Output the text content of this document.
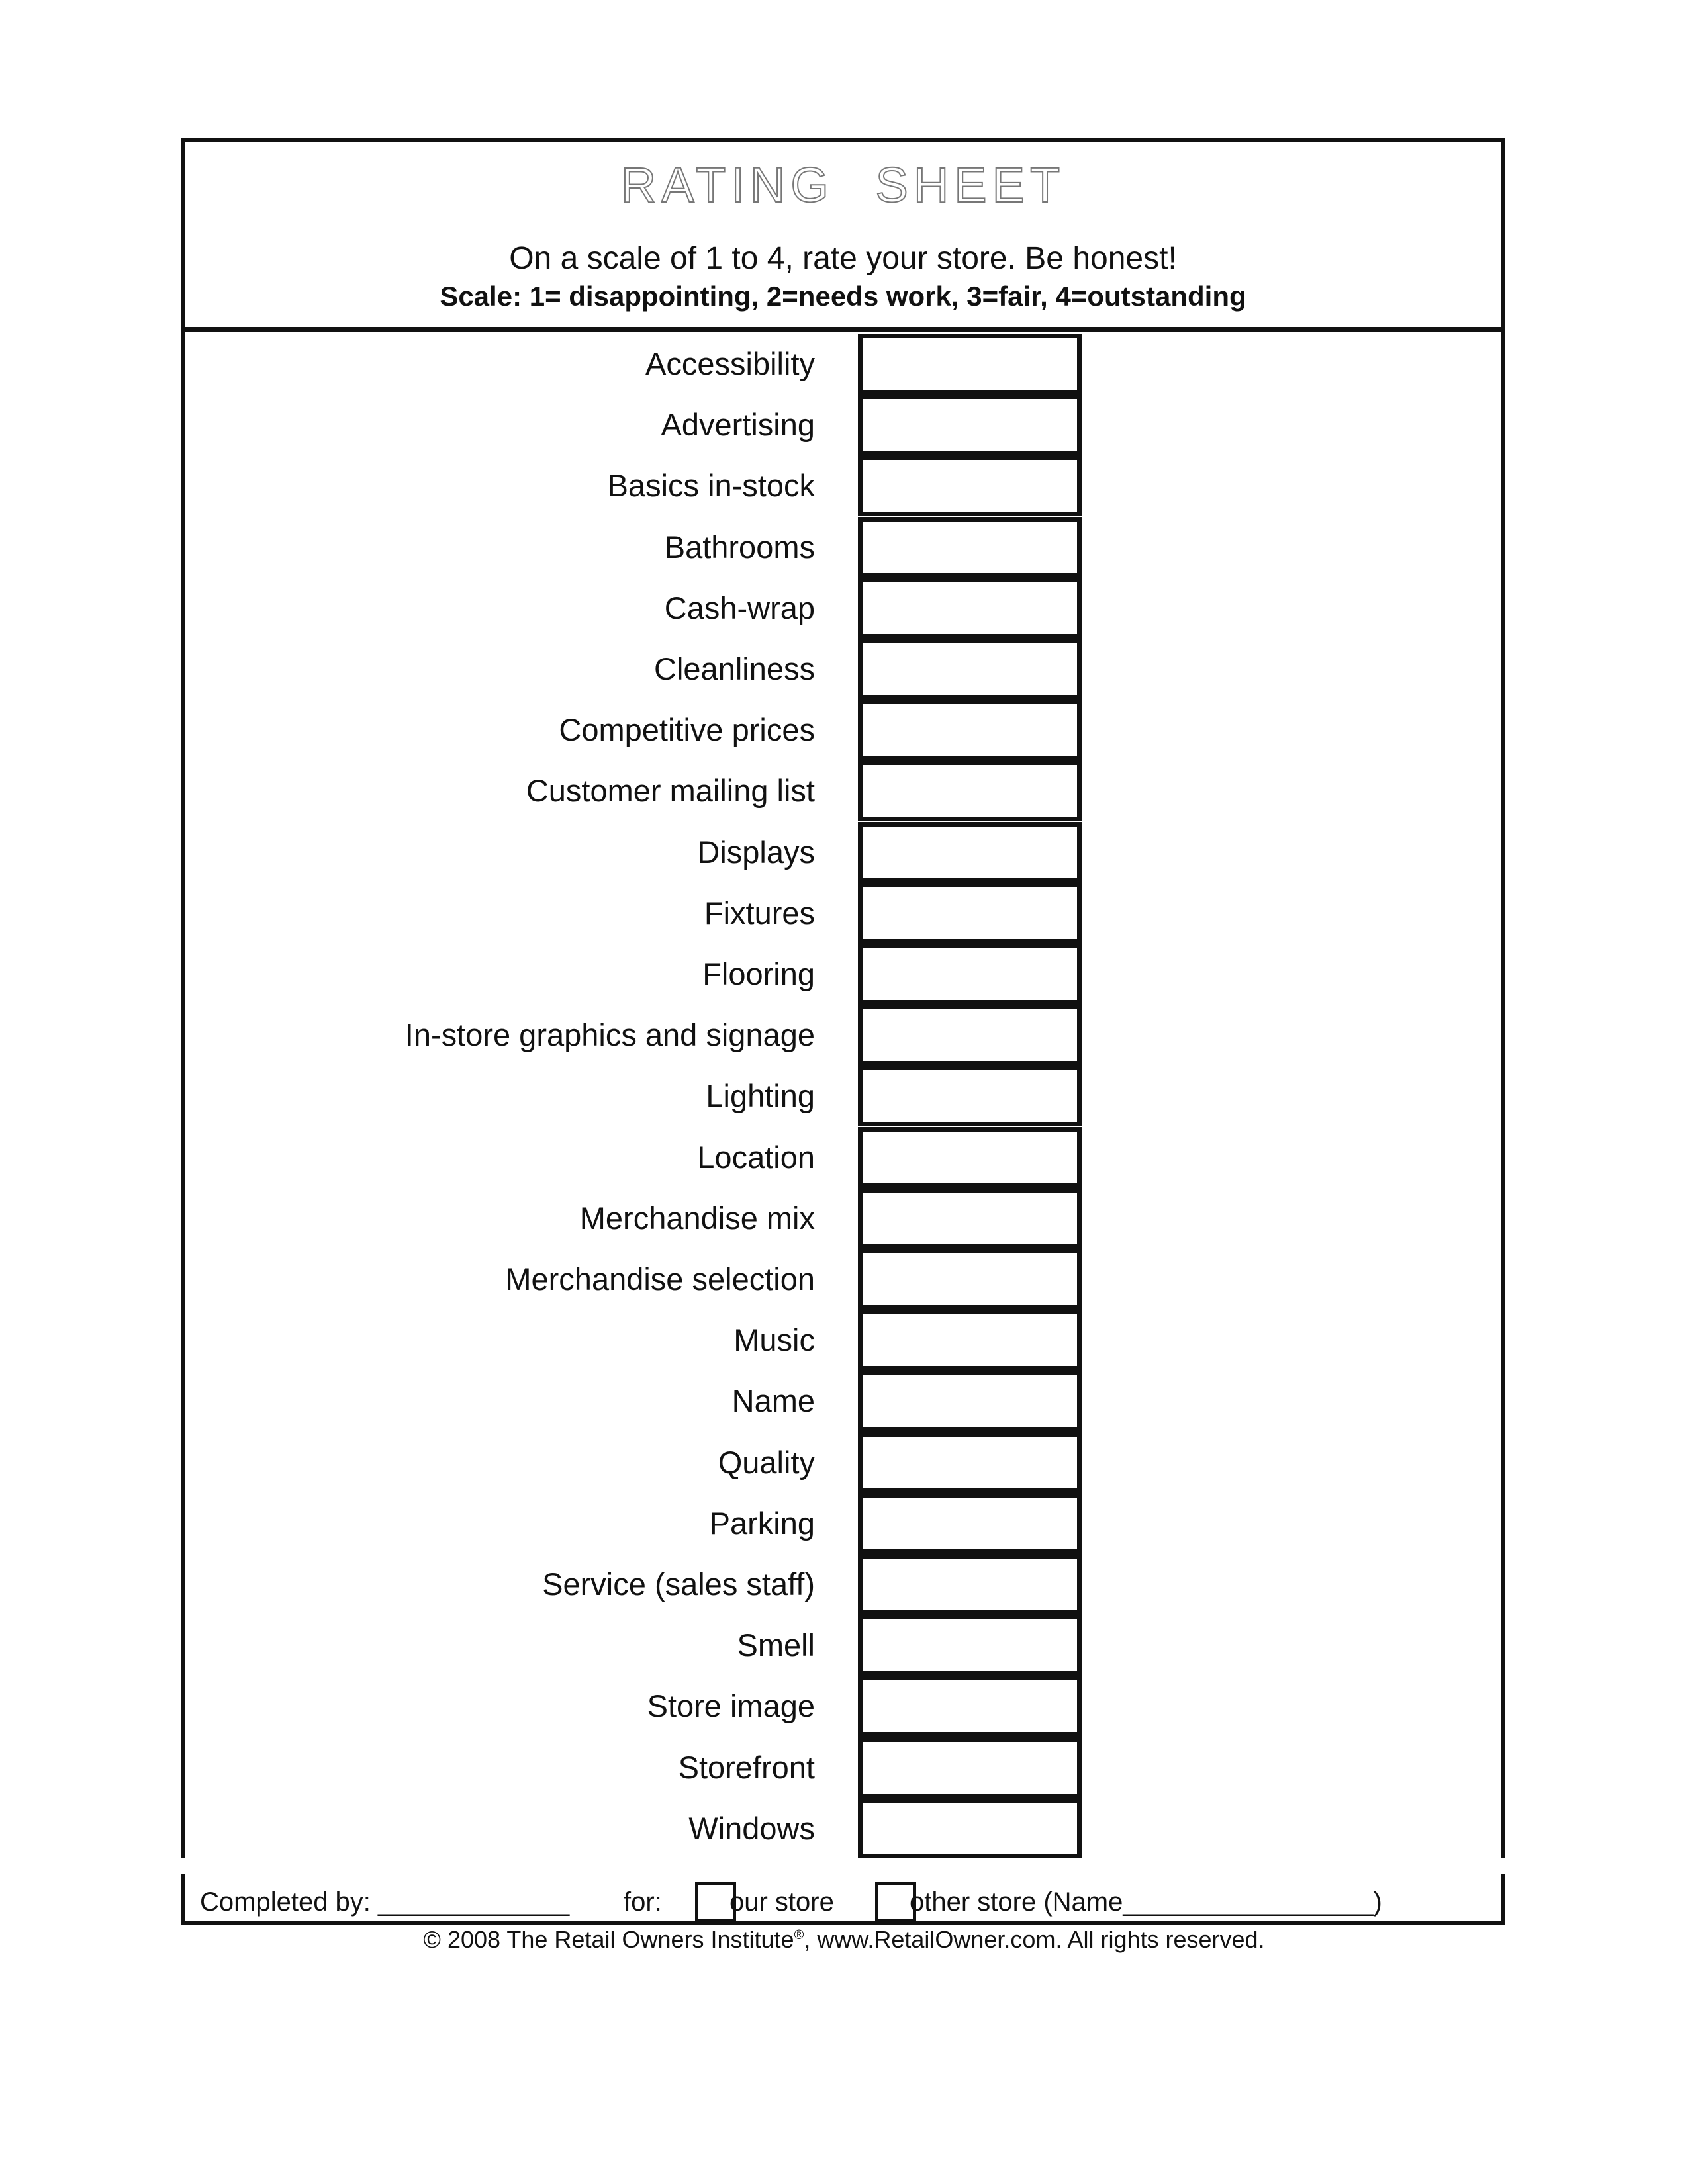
RATING SHEET
On a scale of 1 to 4, rate your store. Be honest!
Scale: 1= disappointing, 2=needs work, 3=fair, 4=outstanding
Accessibility
Advertising
Basics in-stock
Bathrooms
Cash-wrap
Cleanliness
Competitive prices
Customer mailing list
Displays
Fixtures
Flooring
In-store graphics and signage
Lighting
Location
Merchandise mix
Merchandise selection
Music
Name
Quality
Parking
Service (sales staff)
Smell
Store image
Storefront
Windows
Completed by: _____________ for:	our store	other store (Name_________________)
© 2008 The Retail Owners Institute®, www.RetailOwner.com. All rights reserved.
